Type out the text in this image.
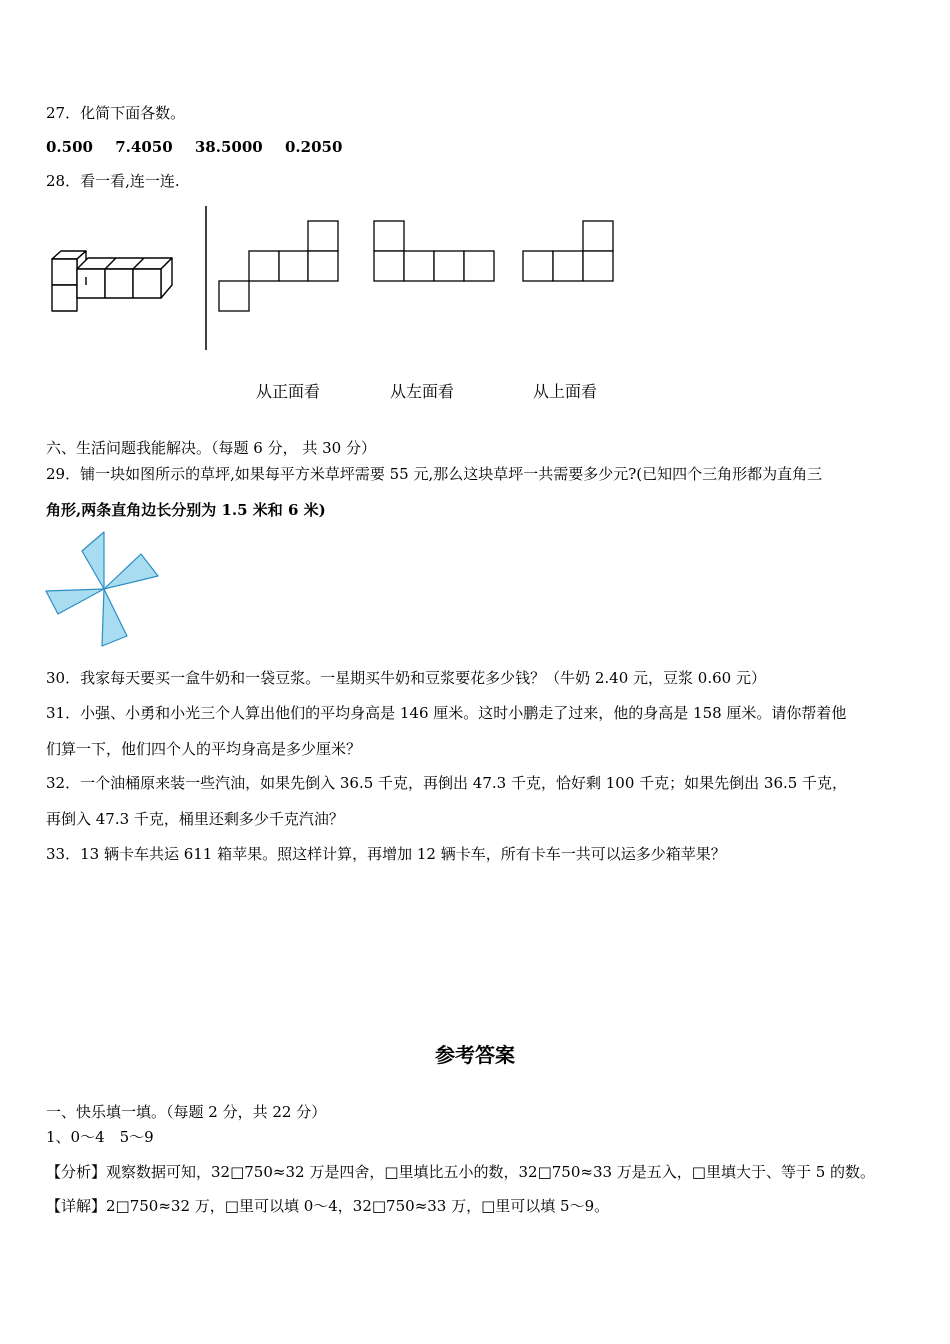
27．化简下面各数。
0.500 7.4050 38.5000 0.2050
28．看一看,连一连.
从正面看	从左面看	从上面看
六、生活问题我能解决。（每题 6 分， 共 30 分）
29．铺一块如图所示的草坪,如果每平方米草坪需要 55 元,那么这块草坪一共需要多少元?(已知四个三角形都为直角三
角形,两条直角边长分别为 1.5 米和 6 米)
30．我家每天要买一盒牛奶和一袋豆浆。一星期买牛奶和豆浆要花多少钱？（牛奶 2.40 元，豆浆 0.60 元）
31．小强、小勇和小光三个人算出他们的平均身高是 146 厘米。这时小鹏走了过来，他的身高是 158 厘米。请你帮着他
们算一下，他们四个人的平均身高是多少厘米？
32．一个油桶原来装一些汽油，如果先倒入 36.5 千克，再倒出 47.3 千克，恰好剩 100 千克；如果先倒出 36.5 千克，
再倒入 47.3 千克，桶里还剩多少千克汽油？
33．13 辆卡车共运 611 箱苹果。照这样计算，再增加 12 辆卡车，所有卡车一共可以运多少箱苹果？
参考答案
一、快乐填一填。（每题 2 分，共 22 分）
1、0～4　5～9
【分析】观察数据可知，32□750≈32 万是四舍，□里填比五小的数，32□750≈33 万是五入，□里填大于、等于 5 的数。
【详解】2□750≈32 万，□里可以填 0～4，32□750≈33 万，□里可以填 5～9。
